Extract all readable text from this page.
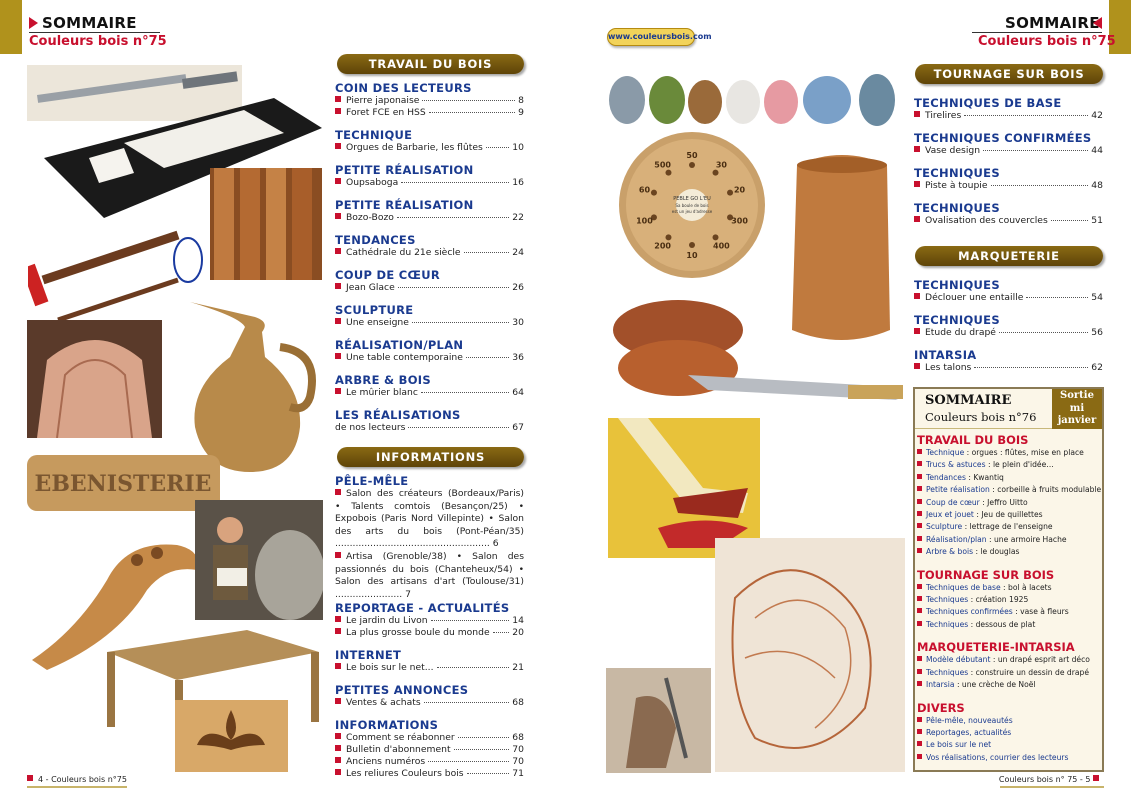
SOMMAIRE
Couleurs bois n°75
EBENISTERIE
TRAVAIL DU BOIS
COIN DES LECTEURS
Pierre japonaise	8
Foret FCE en HSS	9
TECHNIQUE
Orgues de Barbarie, les flûtes	10
PETITE RÉALISATION
Oupsaboga	16
PETITE RÉALISATION
Bozo-Bozo	22
TENDANCES
Cathédrale du 21e siècle	24
COUP DE CŒUR
Jean Glace	26
SCULPTURE
Une enseigne	30
RÉALISATION/PLAN
Une table contemporaine	36
ARBRE & BOIS
Le mûrier blanc	64
LES RÉALISATIONS
de nos lecteurs	67
INFORMATIONS
PÊLE-MÊLE
Salon des créateurs (Bordeaux/Paris) • Talents comtois (Besançon/25) • Expobois (Paris Nord Villepinte) • Salon des arts du bois (Pont-Péan/35) ..................................................... 6
Artisa (Grenoble/38) • Salon des passionnés du bois (Chanteheux/54) • Salon des artisans d'art (Toulouse/31) ....................... 7
REPORTAGE - ACTUALITÉS
Le jardin du Livon	14
La plus grosse boule du monde 20
INTERNET
Le bois sur le net...	21
PETITES ANNONCES
Ventes & achats	68
INFORMATIONS
Comment se réabonner	68
Bulletin d'abonnement	70
Anciens numéros	70
Les reliures Couleurs bois	71
4 - Couleurs bois n°75
www.couleursbois.com
SOMMAIRE
Couleurs bois n°75
PEBLE GO L'EU
Sa boule de bois
est un jeu d'adresse
50
30
20
300
400
10
200
100
60
500
TOURNAGE SUR BOIS
TECHNIQUES DE BASE
Tirelires	42
TECHNIQUES CONFIRMÉES
Vase design	44
TECHNIQUES
Piste à toupie	48
TECHNIQUES
Ovalisation des couvercles	51
MARQUETERIE
TECHNIQUES
Déclouer une entaille	54
TECHNIQUES
Etude du drapé	56
INTARSIA
Les talons	62
SOMMAIRE
Couleurs bois n°76
Sortie
mi
janvier
TRAVAIL DU BOIS
Technique : orgues : flûtes, mise en place
Trucs & astuces : le plein d'idée…
Tendances : Kwantiq
Petite réalisation : corbeille à fruits modulable
Coup de cœur : Jeffro Uitto
Jeux et jouet : Jeu de quillettes
Sculpture : lettrage de l'enseigne
Réalisation/plan : une armoire Hache
Arbre & bois : le douglas
TOURNAGE SUR BOIS
Techniques de base : bol à lacets
Techniques : création 1925
Techniques confirmées : vase à fleurs
Techniques : dessous de plat
MARQUETERIE-INTARSIA
Modèle débutant : un drapé esprit art déco
Techniques : construire un dessin de drapé
Intarsia : une crèche de Noël
DIVERS
Pêle-mêle, nouveautés
Reportages, actualités
Le bois sur le net
Vos réalisations, courrier des lecteurs
Couleurs bois n° 75 - 5
